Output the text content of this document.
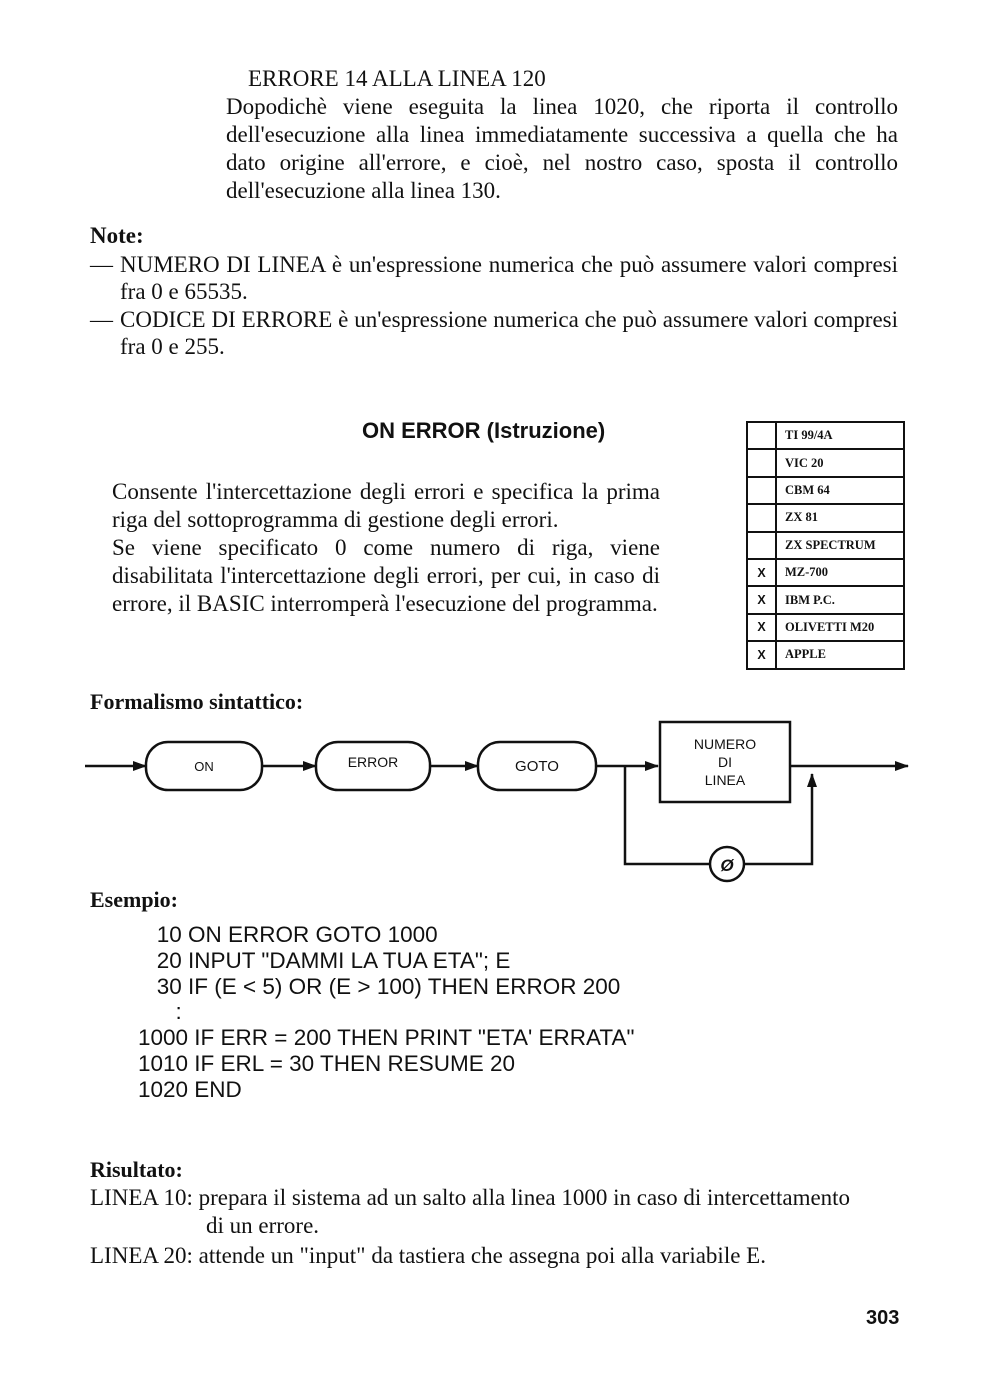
ERRORE 14 ALLA LINEA 120
Dopodichè viene eseguita la linea 1020, che riporta il controllo dell'esecuzione alla linea immediatamente successiva a quella che ha dato origine all'errore, e cioè, nel nostro caso, sposta il controllo dell'esecuzione alla linea 130.
Note:
— NUMERO DI LINEA è un'espressione numerica che può assumere valori compresi fra 0 e 65535.
— CODICE DI ERRORE è un'espressione numerica che può assumere valori compresi fra 0 e 255.
ON ERROR (Istruzione)

Consente l'intercettazione degli errori e specifica la prima riga del sottoprogramma di gestione degli errori.

Se viene specificato 0 come numero di riga, viene disabilitata l'intercettazione degli errori, per cui, in caso di errore, il BASIC interromperà l'esecuzione del programma.

	TI 99/4A
	VIC 20
	CBM 64
	ZX 81
	ZX SPECTRUM
X	MZ-700
X	IBM P.C.
X	OLIVETTI M20
X	APPLE
Formalismo sintattico:
ON	ERROR	GOTO
NUMERO
DI
LINEA
Ø
Esempio:
10 ON ERROR GOTO 1000
20 INPUT "DAMMI LA TUA ETA"; E
30 IF (E < 5) OR (E > 100) THEN ERROR 200
:
1000 IF ERR = 200 THEN PRINT "ETA' ERRATA"
1010 IF ERL = 30 THEN RESUME 20
1020 END
Risultato:
LINEA 10: prepara il sistema ad un salto alla linea 1000 in caso di intercettamento
di un errore.
LINEA 20: attende un "input" da tastiera che assegna poi alla variabile E.
303
